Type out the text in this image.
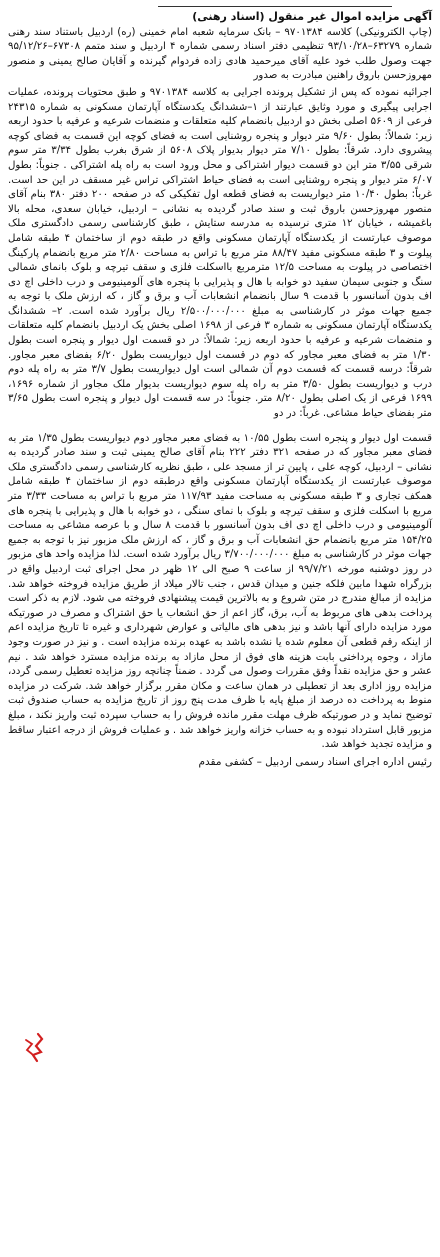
آگهی مزایده اموال غیر منقول (اسناد رهنی)

(چاپ الکترونیکی) کلاسه ۹۷۰۱۳۸۴ – بانک سرمایه شعبه امام خمینی (ره) اردبیل باستناد سند رهنی شماره ۶۳۲۷۹–۹۳/۱۰/۲۸ تنظیمی دفتر اسناد رسمی شماره ۴ اردبیل و سند متمم ۶۷۳۰۸–۹۵/۱۲/۲۶ جهت وصول طلب خود علیه آقای میرحمید هادی زاده فردوام گیرنده و آقایان صالح یمینی و منصور مهروزحسن باروق راهنین مبادرت به صدور

اجرائیه نموده که پس از تشکیل پرونده اجرایی به کلاسه ۹۷۰۱۳۸۴ و طبق محتویات پرونده، عملیات اجرایی پیگیری و مورد وثایق عبارتند از ۱–ششدانگ یکدستگاه آپارتمان مسکونی به شماره ۲۴۳۱۵ فرعی از ۵۶۰۹ اصلی بخش دو اردبیل بانضمام کلیه متعلقات و منضمات شرعیه و عرفیه با حدود اربعه زیر: شمالاً: بطول ۹/۶۰ متر دیوار و پنجره روشنایی است به فضای کوچه این قسمت به فضای کوچه پیشروی دارد. شرقاً: بطول ۷/۱۰ متر دیوار بدیوار پلاک ۵۶۰۸ از شرق بغرب بطول ۳/۳۴ متر سوم شرقی ۳/۵۵ متر این دو قسمت دیوار اشتراکی و محل ورود است به راه پله اشتراکی . جنوباً: بطول ۶/۰۷ متر دیوار و پنجره روشنایی است به فضای حیاط اشتراکی تراس غیر مسقف در این حد است. غرباً: بطول ۱۰/۴۰ متر دیواریست به فضای قطعه اول تفکیکی که در صفحه ۲۰۰ دفتر ۳۸۰ بنام آقای منصور مهروزحسن باروق ثبت و سند صادر گردیده به نشانی – اردبیل، خیابان سعدی، محله بالا باغمیشه ، خیابان ۱۲ متری نرسیده به مدرسه ستایش ، طبق کارشناسی رسمی دادگستری ملک موصوف عبارتست از یکدستگاه آپارتمان مسکونی واقع در طبقه دوم از ساختمان ۴ طبقه شامل پیلوت و ۳ طبقه مسکونی مفید ۸۸/۴۷ متر مربع با تراس به مساحت ۲/۸۰ متر مربع بانضمام پارکینگ اختصاصی در پیلوت به مساحت ۱۲/۵ مترمربع بااسکلت فلزی و سقف تیرچه و بلوک بانمای شمالی سنگ و جنوبی سیمان سفید دو خوابه با هال و پذیرایی با پنجره های آلومینیومی و درب داخلی اچ دی اف بدون آسانسور با قدمت ۹ سال بانضمام انشعابات آب و برق و گاز ، که ارزش ملک با توجه به جمیع جهات موثر در کارشناسی به مبلغ ۲/۵۰۰/۰۰۰/۰۰۰ ریال برآورد شده است. ۲– ششدانگ یکدستگاه آپارتمان مسکونی به شماره ۳ فرعی از ۱۶۹۸ اصلی بخش یک اردبیل بانضمام کلیه متعلقات و منضمات شرعیه و عرفیه با حدود اربعه زیر: شمالاً: در دو قسمت اول دیوار و پنجره است بطول ۱/۳۰ متر به فضای معبر مجاور که دوم در قسمت اول دیواریست بطول ۶/۲۰ بفضای معبر مجاور. شرقاً: درسه قسمت که قسمت دوم آن شمالی است اول دیواریست بطول ۳/۷ متر به راه پله دوم درب و دیواریست بطول ۳/۵۰ متر به راه پله سوم دیواریست بدیوار ملک مجاور از شماره ۱۶۹۶، ۱۶۹۹ فرعی از یک اصلی بطول ۸/۲۰ متر. جنوباً: در سه قسمت اول دیوار و پنجره است بطول ۳/۶۵ متر بفضای حیاط مشاعی. غرباً: در دو

قسمت اول دیوار و پنجره است بطول ۱۰/۵۵ به فضای معبر مجاور دوم دیواریست بطول ۱/۳۵ متر به فضای معبر مجاور که در صفحه ۳۲۱ دفتر ۲۲۲ بنام آقای صالح یمینی ثبت و سند صادر گردیده به نشانی – اردبیل، کوچه علی ، پایین تر از مسجد علی ، طبق نظریه کارشناسی رسمی دادگستری ملک موصوف عبارتست از یکدستگاه آپارتمان مسکونی واقع درطبقه دوم از ساختمان ۴ طبقه شامل همکف تجاری و ۳ طبقه مسکونی به مساحت مفید ۱۱۷/۹۳ متر مربع با تراس به مساحت ۳/۳۳ متر مربع با اسکلت فلزی و سقف تیرچه و بلوک با نمای سنگی ، دو خوابه با هال و پذیرایی با پنجره های آلومینیومی و درب داخلی اچ دی اف بدون آسانسور با قدمت ۸ سال و با عرصه مشاعی به مساحت ۱۵۴/۲۵ متر مربع بانضمام حق انشعابات آب و برق و گاز ، که ارزش ملک مزبور نیز با توجه به جمیع جهات موثر در کارشناسی به مبلغ ۳/۷۰۰/۰۰۰/۰۰۰ ریال برآورد شده است. لذا مزایده واحد های مزبور در روز دوشنبه مورخه ۹۹/۷/۲۱ از ساعت ۹ صبح الی ۱۲ ظهر در محل اجرای ثبت اردبیل واقع در بزرگراه شهدا مابین فلکه جنین و میدان قدس ، جنب تالار میلاد از طریق مزایده فروخته خواهد شد. مزایده از مبالغ مندرج در متن شروع و به بالاترین قیمت پیشنهادی فروخته می شود. لازم به ذکر است پرداخت بدهی های مربوط به آب، برق، گاز اعم از حق انشعاب یا حق اشتراک و مصرف در صورتیکه مورد مزایده دارای آنها باشد و نیز بدهی های مالیاتی و عوارض شهرداری و غیره تا تاریخ مزایده اعم از اینکه رقم قطعی آن معلوم شده یا نشده باشد به عهده برنده مزایده است . و نیز در صورت وجود مازاد ، وجوه پرداختی بابت هزینه های فوق از محل مازاد به برنده مزایده مسترد خواهد شد . نیم عشر و حق مزایده نقداً وفق مقررات وصول می گردد . ضمناً چنانچه روز مزایده تعطیل رسمی گردد، مزایده روز اداری بعد از تعطیلی در همان ساعت و مکان مقرر برگزار خواهد شد. شرکت در مزایده منوط به پرداخت ده درصد از مبلغ پایه با ظرف مدت پنج روز از تاریخ مزایده به حساب صندوق ثبت توضیح نماید و در صورتیکه ظرف مهلت مقرر مانده فروش را به حساب سپرده ثبت واریز نکند ، مبلغ مزبور قابل استرداد نبوده و به حساب خزانه واریز خواهد شد . و عملیات فروش از درجه اعتبار ساقط و مزایده تجدید خواهد شد.

رئیس اداره اجرای اسناد رسمی اردبیل – کشفی مقدم
